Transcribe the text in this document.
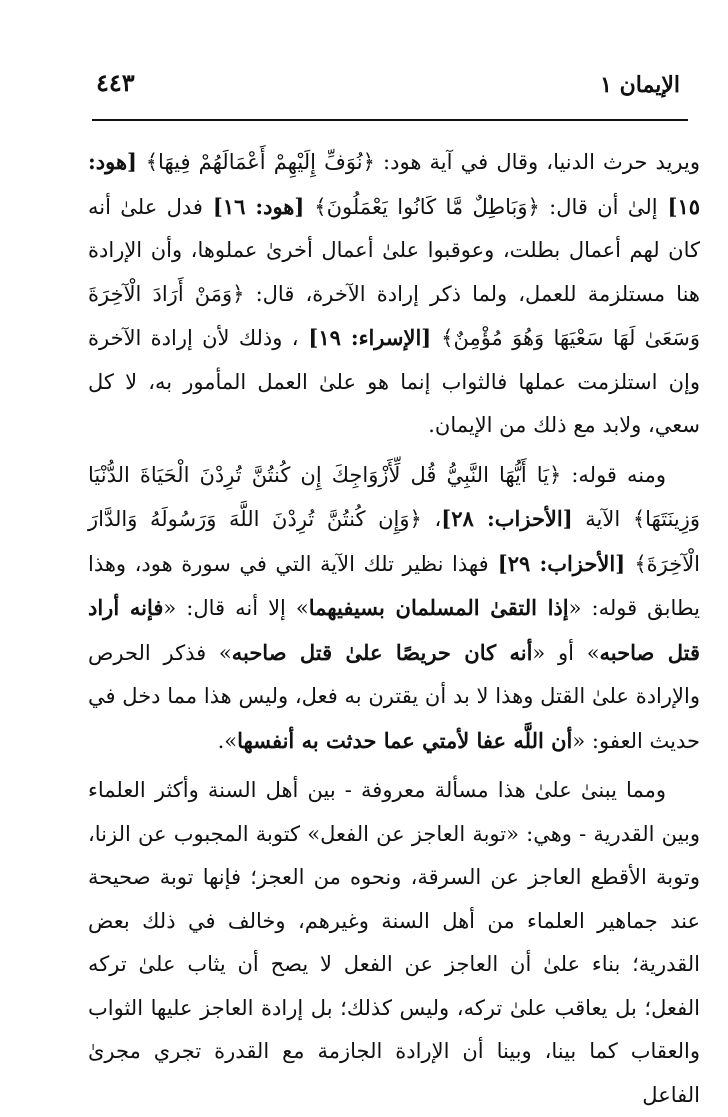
الإيمان ١
٤٤٣

ويريد حرث الدنيا، وقال في آية هود: ﴿نُوَفِّ إِلَيْهِمْ أَعْمَالَهُمْ فِيهَا﴾ [هود: ١٥] إلىٰ أن قال: ﴿وَبَاطِلٌ مَّا كَانُوا يَعْمَلُونَ﴾ [هود: ١٦] فدل علىٰ أنه كان لهم أعمال بطلت، وعوقبوا علىٰ أعمال أخرىٰ عملوها، وأن الإرادة هنا مستلزمة للعمل، ولما ذكر إرادة الآخرة، قال: ﴿وَمَنْ أَرَادَ الْآخِرَةَ وَسَعَىٰ لَهَا سَعْيَهَا وَهُوَ مُؤْمِنٌ﴾ [الإسراء: ١٩] ، وذلك لأن إرادة الآخرة وإن استلزمت عملها فالثواب إنما هو علىٰ العمل المأمور به، لا كل سعي، ولابد مع ذلك من الإيمان.

ومنه قوله: ﴿يَا أَيُّهَا النَّبِيُّ قُل لِّأَزْوَاجِكَ إِن كُنتُنَّ تُرِدْنَ الْحَيَاةَ الدُّنْيَا وَزِينَتَهَا﴾ الآية [الأحزاب: ٢٨]، ﴿وَإِن كُنتُنَّ تُرِدْنَ اللَّهَ وَرَسُولَهُ وَالدَّارَ الْآخِرَةَ﴾ [الأحزاب: ٢٩] فهذا نظير تلك الآية التي في سورة هود، وهذا يطابق قوله: «إذا التقىٰ المسلمان بسيفيهما» إلا أنه قال: «فإنه أراد قتل صاحبه» أو «أنه كان حريصًا علىٰ قتل صاحبه» فذكر الحرص والإرادة علىٰ القتل وهذا لا بد أن يقترن به فعل، وليس هذا مما دخل في حديث العفو: «أن اللَّه عفا لأمتي عما حدثت به أنفسها».

ومما يبنىٰ علىٰ هذا مسألة معروفة - بين أهل السنة وأكثر العلماء وبين القدرية - وهي: «توبة العاجز عن الفعل» كتوبة المجبوب عن الزنا، وتوبة الأقطع العاجز عن السرقة، ونحوه من العجز؛ فإنها توبة صحيحة عند جماهير العلماء من أهل السنة وغيرهم، وخالف في ذلك بعض القدرية؛ بناء علىٰ أن العاجز عن الفعل لا يصح أن يثاب علىٰ تركه الفعل؛ بل يعاقب علىٰ تركه، وليس كذلك؛ بل إرادة العاجز عليها الثواب والعقاب كما بينا، وبينا أن الإرادة الجازمة مع القدرة تجري مجرىٰ الفاعل
